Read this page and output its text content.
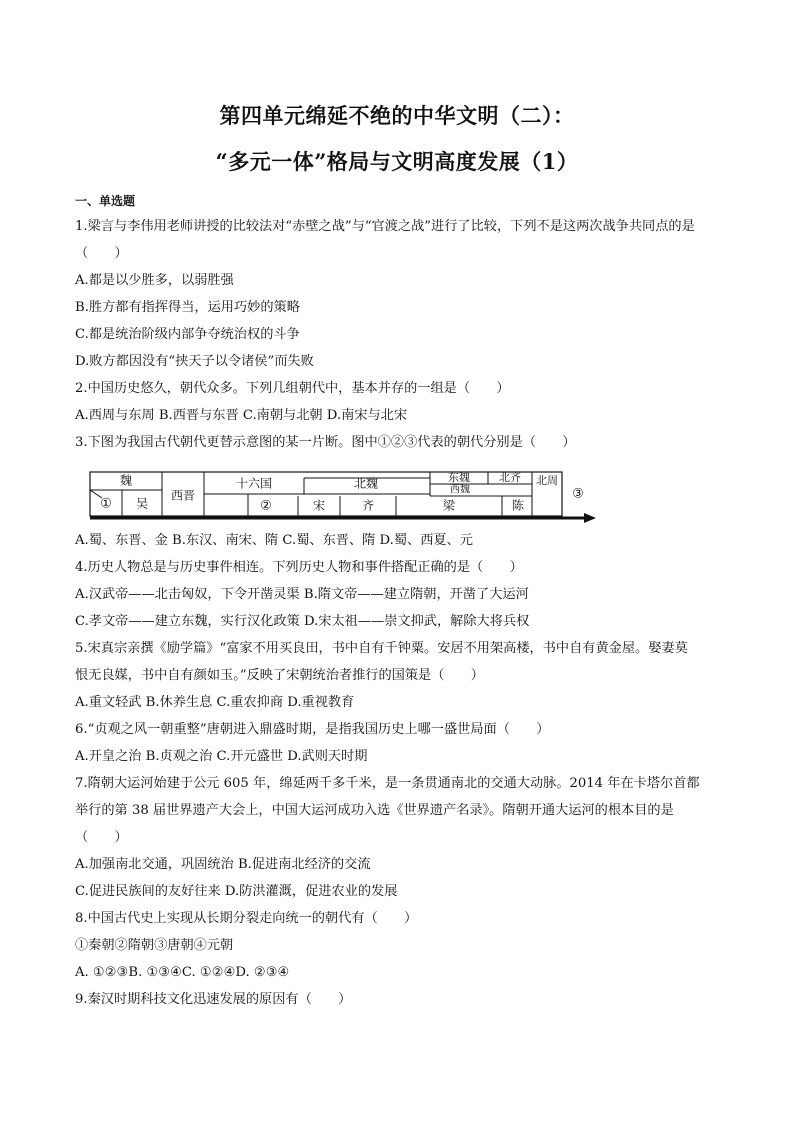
第四单元绵延不绝的中华文明（二）：
“多元一体”格局与文明高度发展（1）
一、单选题
1.梁言与李伟用老师讲授的比较法对“赤壁之战”与“官渡之战”进行了比较，下列不是这两次战争共同点的是
（　　）
A.都是以少胜多，以弱胜强
B.胜方都有指挥得当，运用巧妙的策略
C.都是统治阶级内部争夺统治权的斗争
D.败方都因没有“挟天子以令诸侯”而失败
2.中国历史悠久，朝代众多。下列几组朝代中，基本并存的一组是（　　）
A.西周与东周 B.西晋与东晋 C.南朝与北朝 D.南宋与北宋
3.下图为我国古代朝代更替示意图的某一片断。图中①②③代表的朝代分别是（　　）
A.蜀、东晋、金 B.东汉、南宋、隋 C.蜀、东晋、隋 D.蜀、西夏、元
4.历史人物总是与历史事件相连。下列历史人物和事件搭配正确的是（　　）
A.汉武帝——北击匈奴，下令开凿灵渠 B.隋文帝——建立隋朝，开凿了大运河
C.孝文帝——建立东魏，实行汉化政策 D.宋太祖——崇文抑武，解除大将兵权
5.宋真宗亲撰《励学篇》“富家不用买良田，书中自有千钟粟。安居不用架高楼，书中自有黄金屋。娶妻莫
恨无良媒，书中自有颜如玉。”反映了宋朝统治者推行的国策是（　　）
A.重文轻武 B.休养生息 C.重农抑商 D.重视教育
6.“贞观之风一朝重整”唐朝进入鼎盛时期，是指我国历史上哪一盛世局面（　　）
A.开皇之治 B.贞观之治 C.开元盛世 D.武则天时期
7.隋朝大运河始建于公元 605 年，绵延两千多千米，是一条贯通南北的交通大动脉。2014 年在卡塔尔首都
举行的第 38 届世界遗产大会上，中国大运河成功入选《世界遗产名录》。隋朝开通大运河的根本目的是
（　　）
A.加强南北交通，巩固统治 B.促进南北经济的交流
C.促进民族间的友好往来 D.防洪灌溉，促进农业的发展
8.中国古代史上实现从长期分裂走向统一的朝代有（　　）
①秦朝②隋朝③唐朝④元朝
A. ①②③B. ①③④C. ①②④D. ②③④
9.秦汉时期科技文化迅速发展的原因有（　　）
魏
① 吴
西晋
十六国
②
北魏
宋	齐
东魏	北齐
西魏
北周
梁	陈
③
